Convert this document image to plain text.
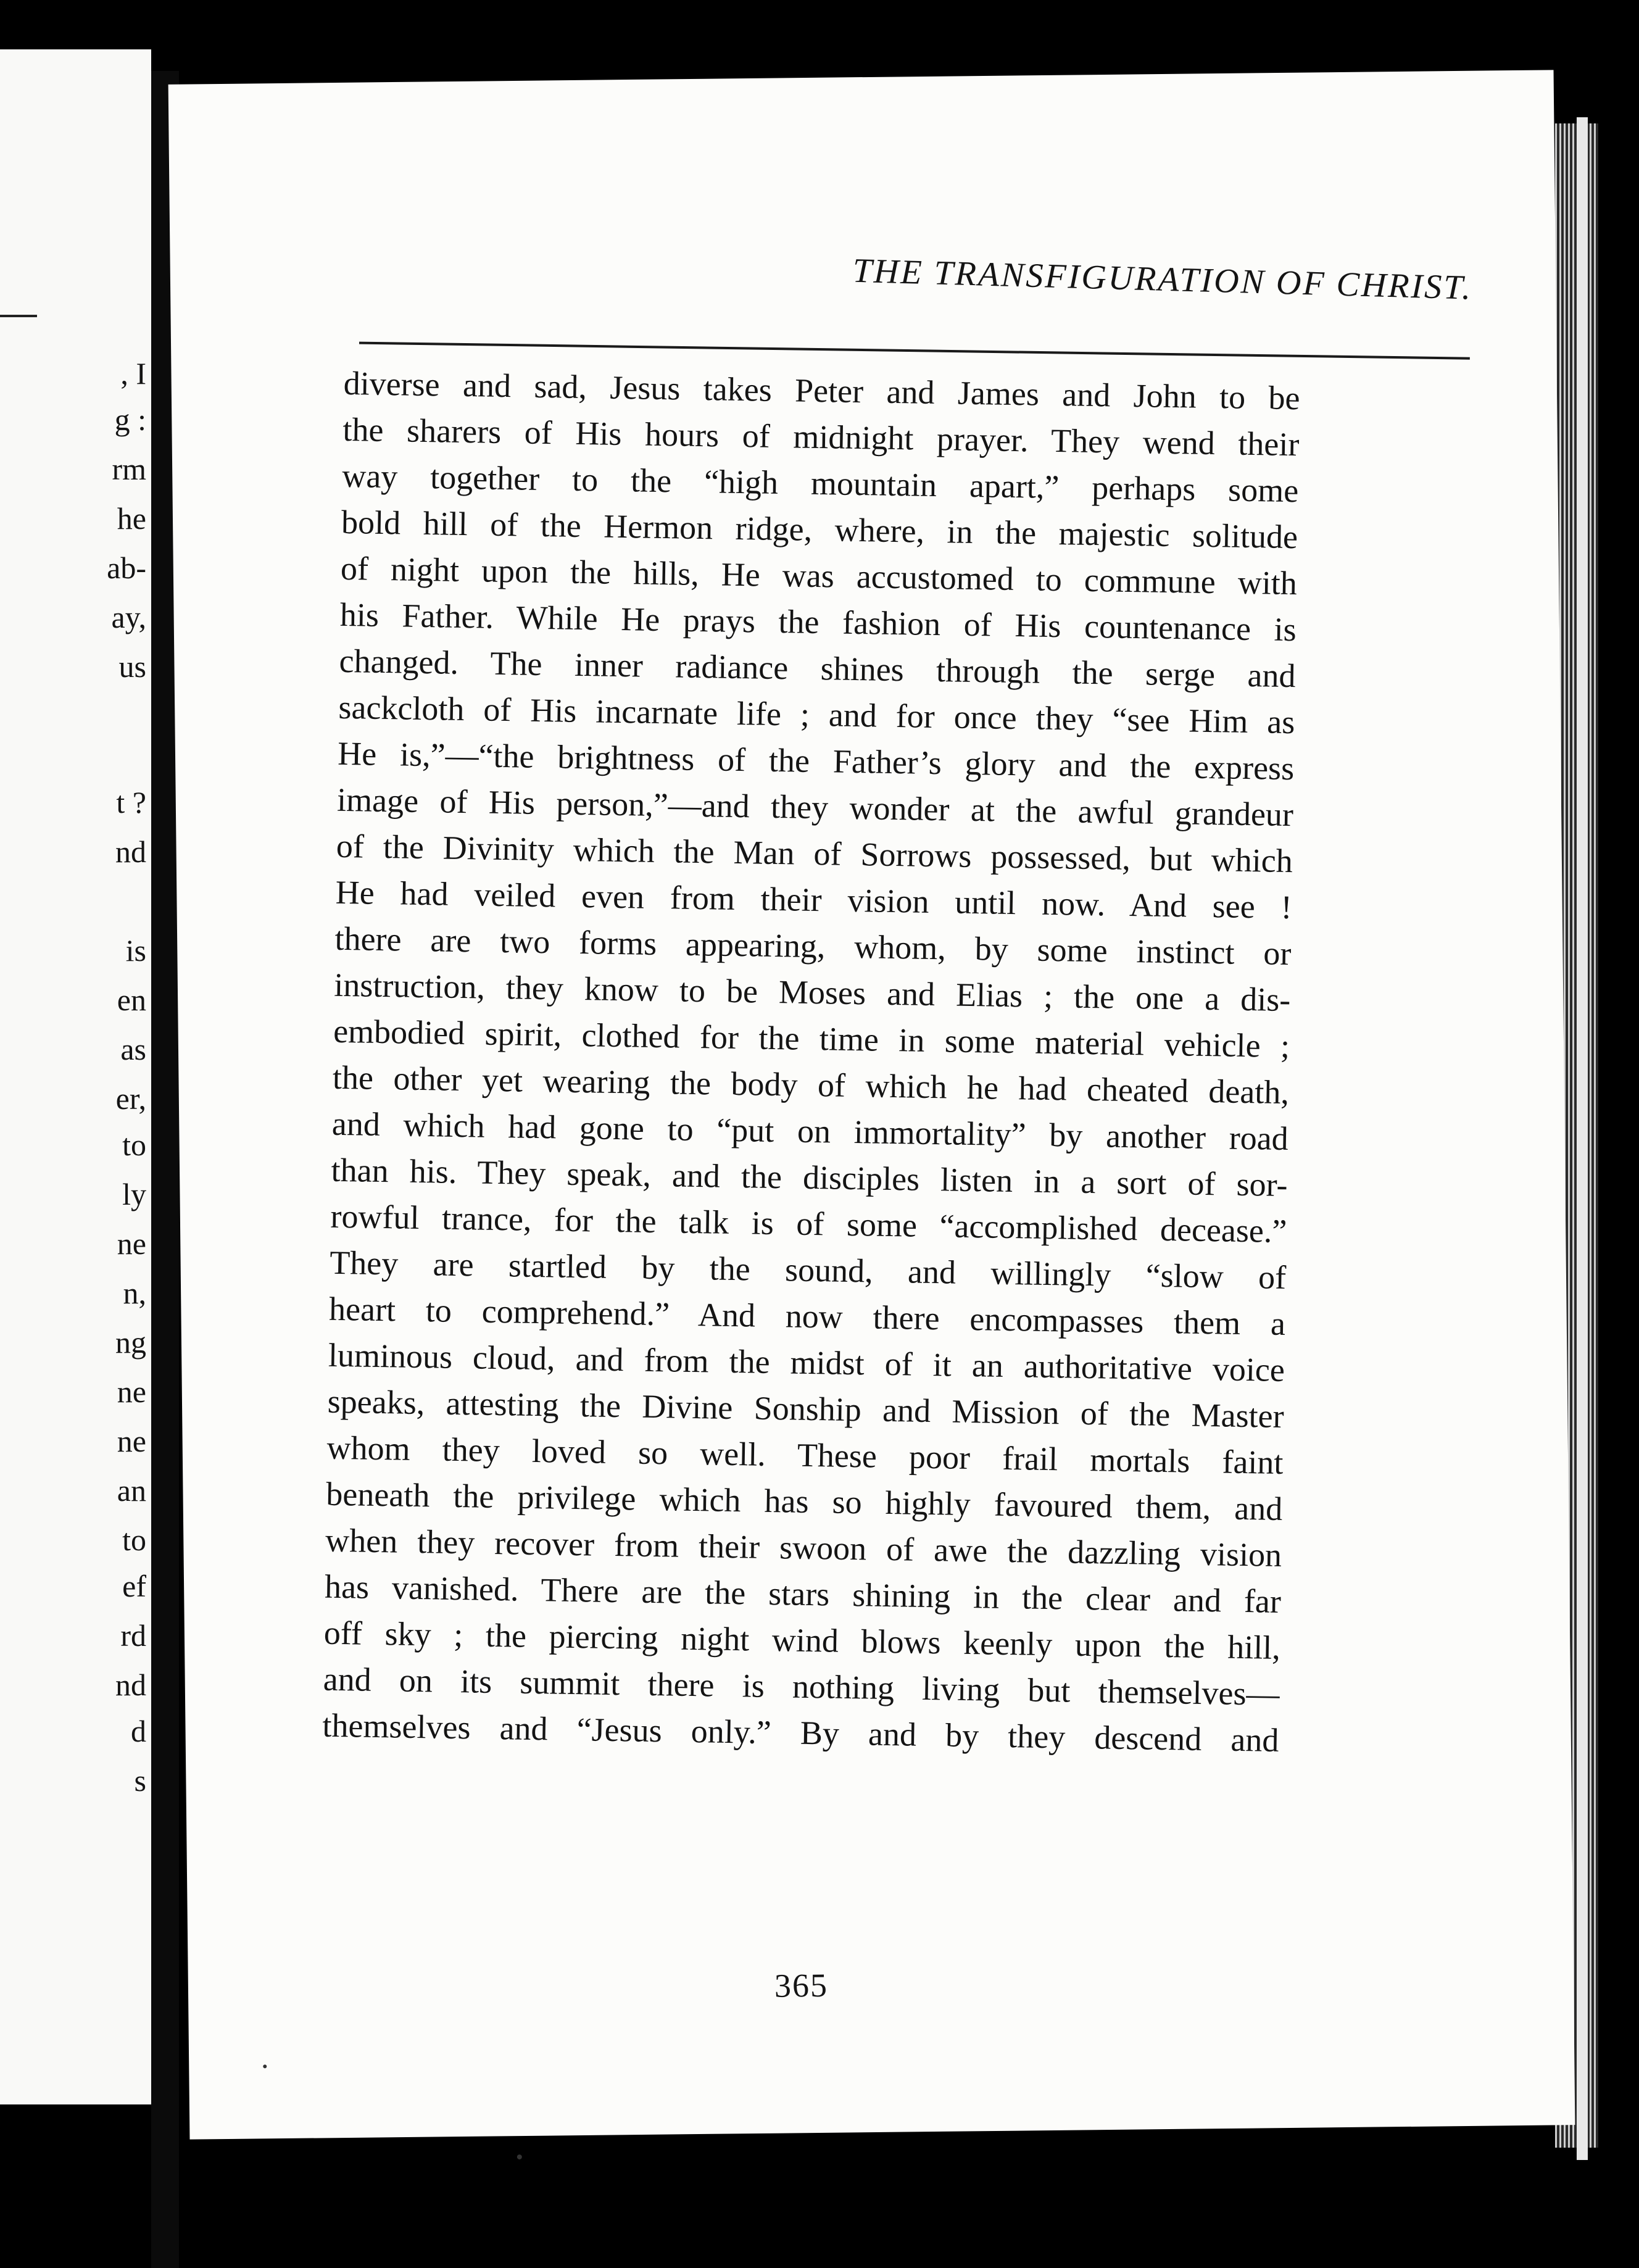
, I
g :
rm
he
ab-
ay,
us
t ?
nd
is
en
as
er,
to
ly
ne
n,
ng
ne
ne
an
to
ef
rd
nd
d
s
THE TRANSFIGURATION OF CHRIST.
diverse and sad, Jesus takes Peter and James and John to be
the sharers of His hours of midnight prayer. They wend their
way together to the “high mountain apart,” perhaps some
bold hill of the Hermon ridge, where, in the majestic solitude
of night upon the hills, He was accustomed to commune with
his Father. While He prays the fashion of His countenance is
changed. The inner radiance shines through the serge and
sackcloth of His incarnate life ; and for once they “see Him as
He is,”—“the brightness of the Father’s glory and the express
image of His person,”—and they wonder at the awful grandeur
of the Divinity which the Man of Sorrows possessed, but which
He had veiled even from their vision until now. And see !
there are two forms appearing, whom, by some instinct or
instruction, they know to be Moses and Elias ; the one a dis-
embodied spirit, clothed for the time in some material vehicle ;
the other yet wearing the body of which he had cheated death,
and which had gone to “put on immortality” by another road
than his. They speak, and the disciples listen in a sort of sor-
rowful trance, for the talk is of some “accomplished decease.”
They are startled by the sound, and willingly “slow of
heart to comprehend.” And now there encompasses them a
luminous cloud, and from the midst of it an authoritative voice
speaks, attesting the Divine Sonship and Mission of the Master
whom they loved so well. These poor frail mortals faint
beneath the privilege which has so highly favoured them, and
when they recover from their swoon of awe the dazzling vision
has vanished. There are the stars shining in the clear and far
off sky ; the piercing night wind blows keenly upon the hill,
and on its summit there is nothing living but themselves—
themselves and “Jesus only.” By and by they descend and
365
